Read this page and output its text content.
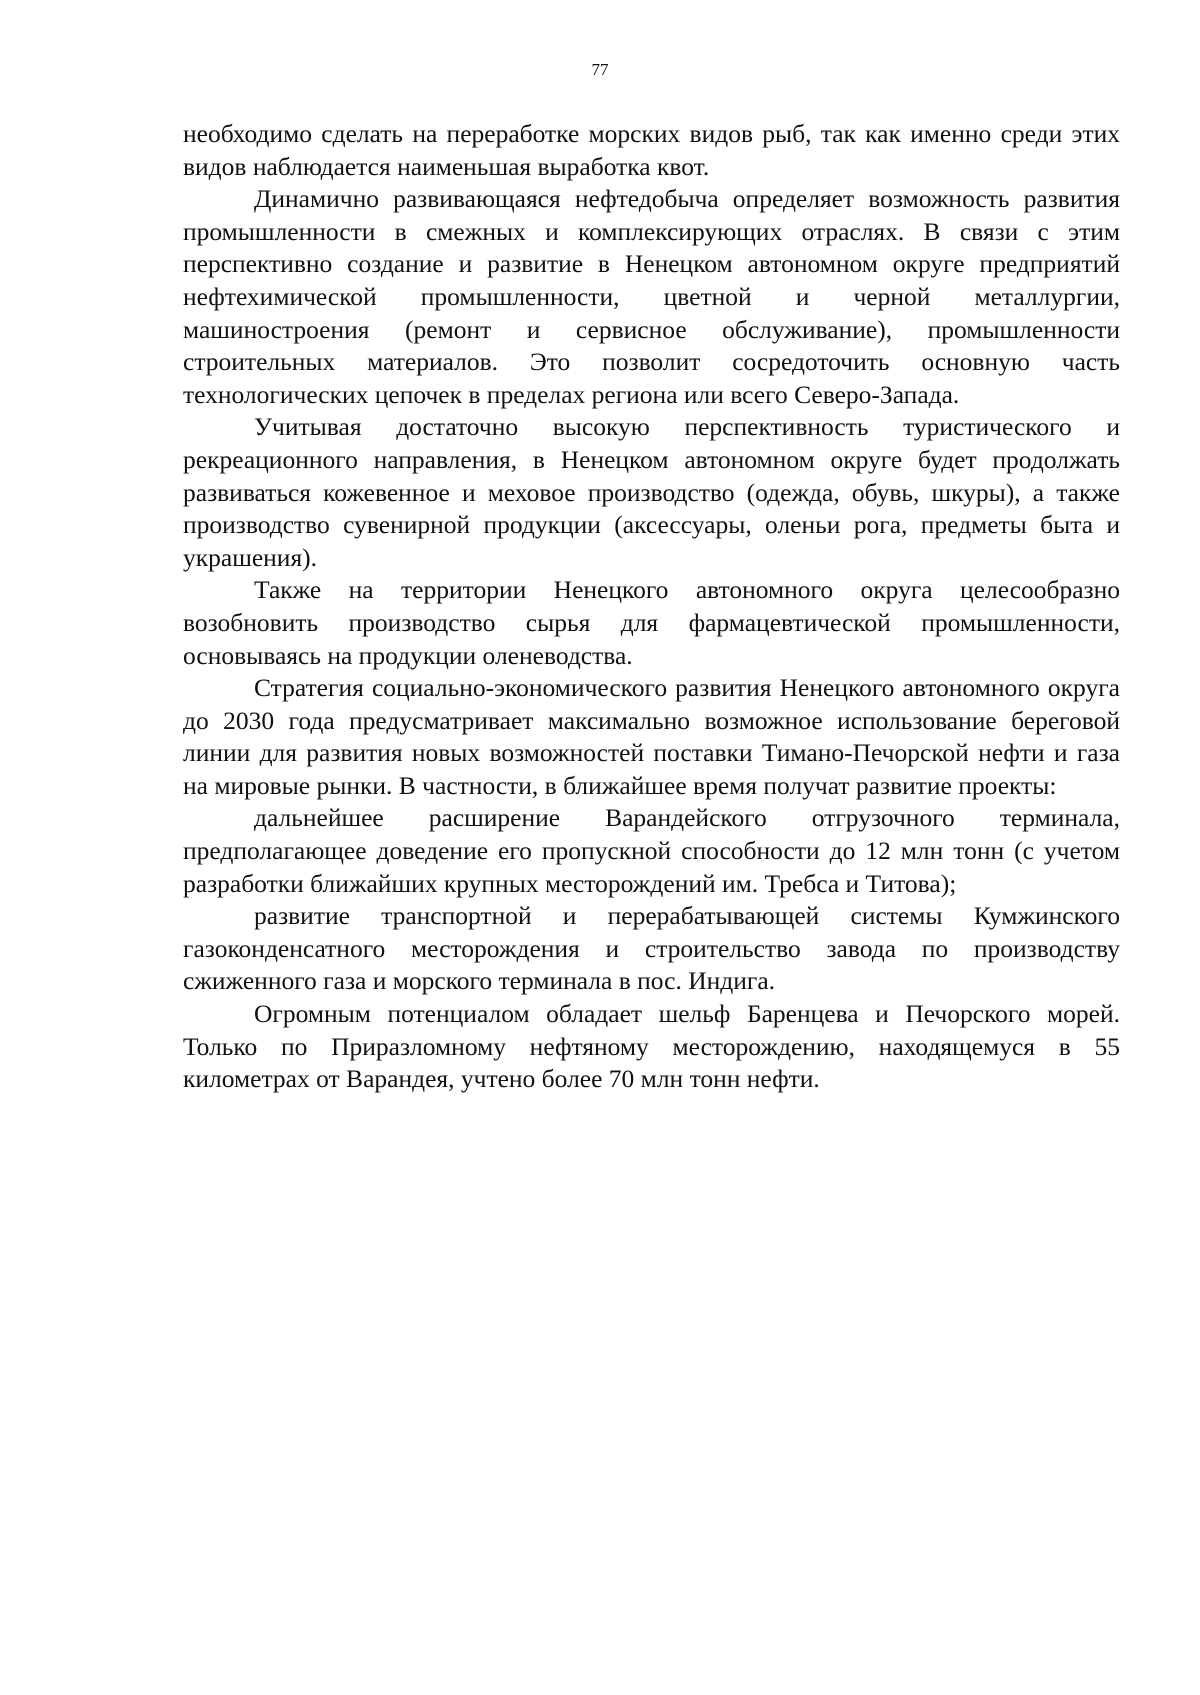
77

необходимо сделать на переработке морских видов рыб, так как именно среди этих видов наблюдается наименьшая выработка квот.

Динамично развивающаяся нефтедобыча определяет возможность развития промышленности в смежных и комплексирующих отраслях. В связи с этим перспективно создание и развитие в Ненецком автономном округе предприятий нефтехимической промышленности, цветной и черной металлургии, машиностроения (ремонт и сервисное обслуживание), промышленности строительных материалов. Это позволит сосредоточить основную часть технологических цепочек в пределах региона или всего Северо-Запада.

Учитывая достаточно высокую перспективность туристического и рекреационного направления, в Ненецком автономном округе будет продолжать развиваться кожевенное и меховое производство (одежда, обувь, шкуры), а также производство сувенирной продукции (аксессуары, оленьи рога, предметы быта и украшения).

Также на территории Ненецкого автономного округа целесообразно возобновить производство сырья для фармацевтической промышленности, основываясь на продукции оленеводства.

Стратегия социально-экономического развития Ненецкого автономного округа до 2030 года предусматривает максимально возможное использование береговой линии для развития новых возможностей поставки Тимано-Печорской нефти и газа на мировые рынки. В частности, в ближайшее время получат развитие проекты:

дальнейшее расширение Варандейского отгрузочного терминала, предполагающее доведение его пропускной способности до 12 млн тонн (с учетом разработки ближайших крупных месторождений им. Требса и Титова);

развитие транспортной и перерабатывающей системы Кумжинского газоконденсатного месторождения и строительство завода по производству сжиженного газа и морского терминала в пос. Индига.

Огромным потенциалом обладает шельф Баренцева и Печорского морей. Только по Приразломному нефтяному месторождению, находящемуся в 55 километрах от Варандея, учтено более 70 млн тонн нефти.
